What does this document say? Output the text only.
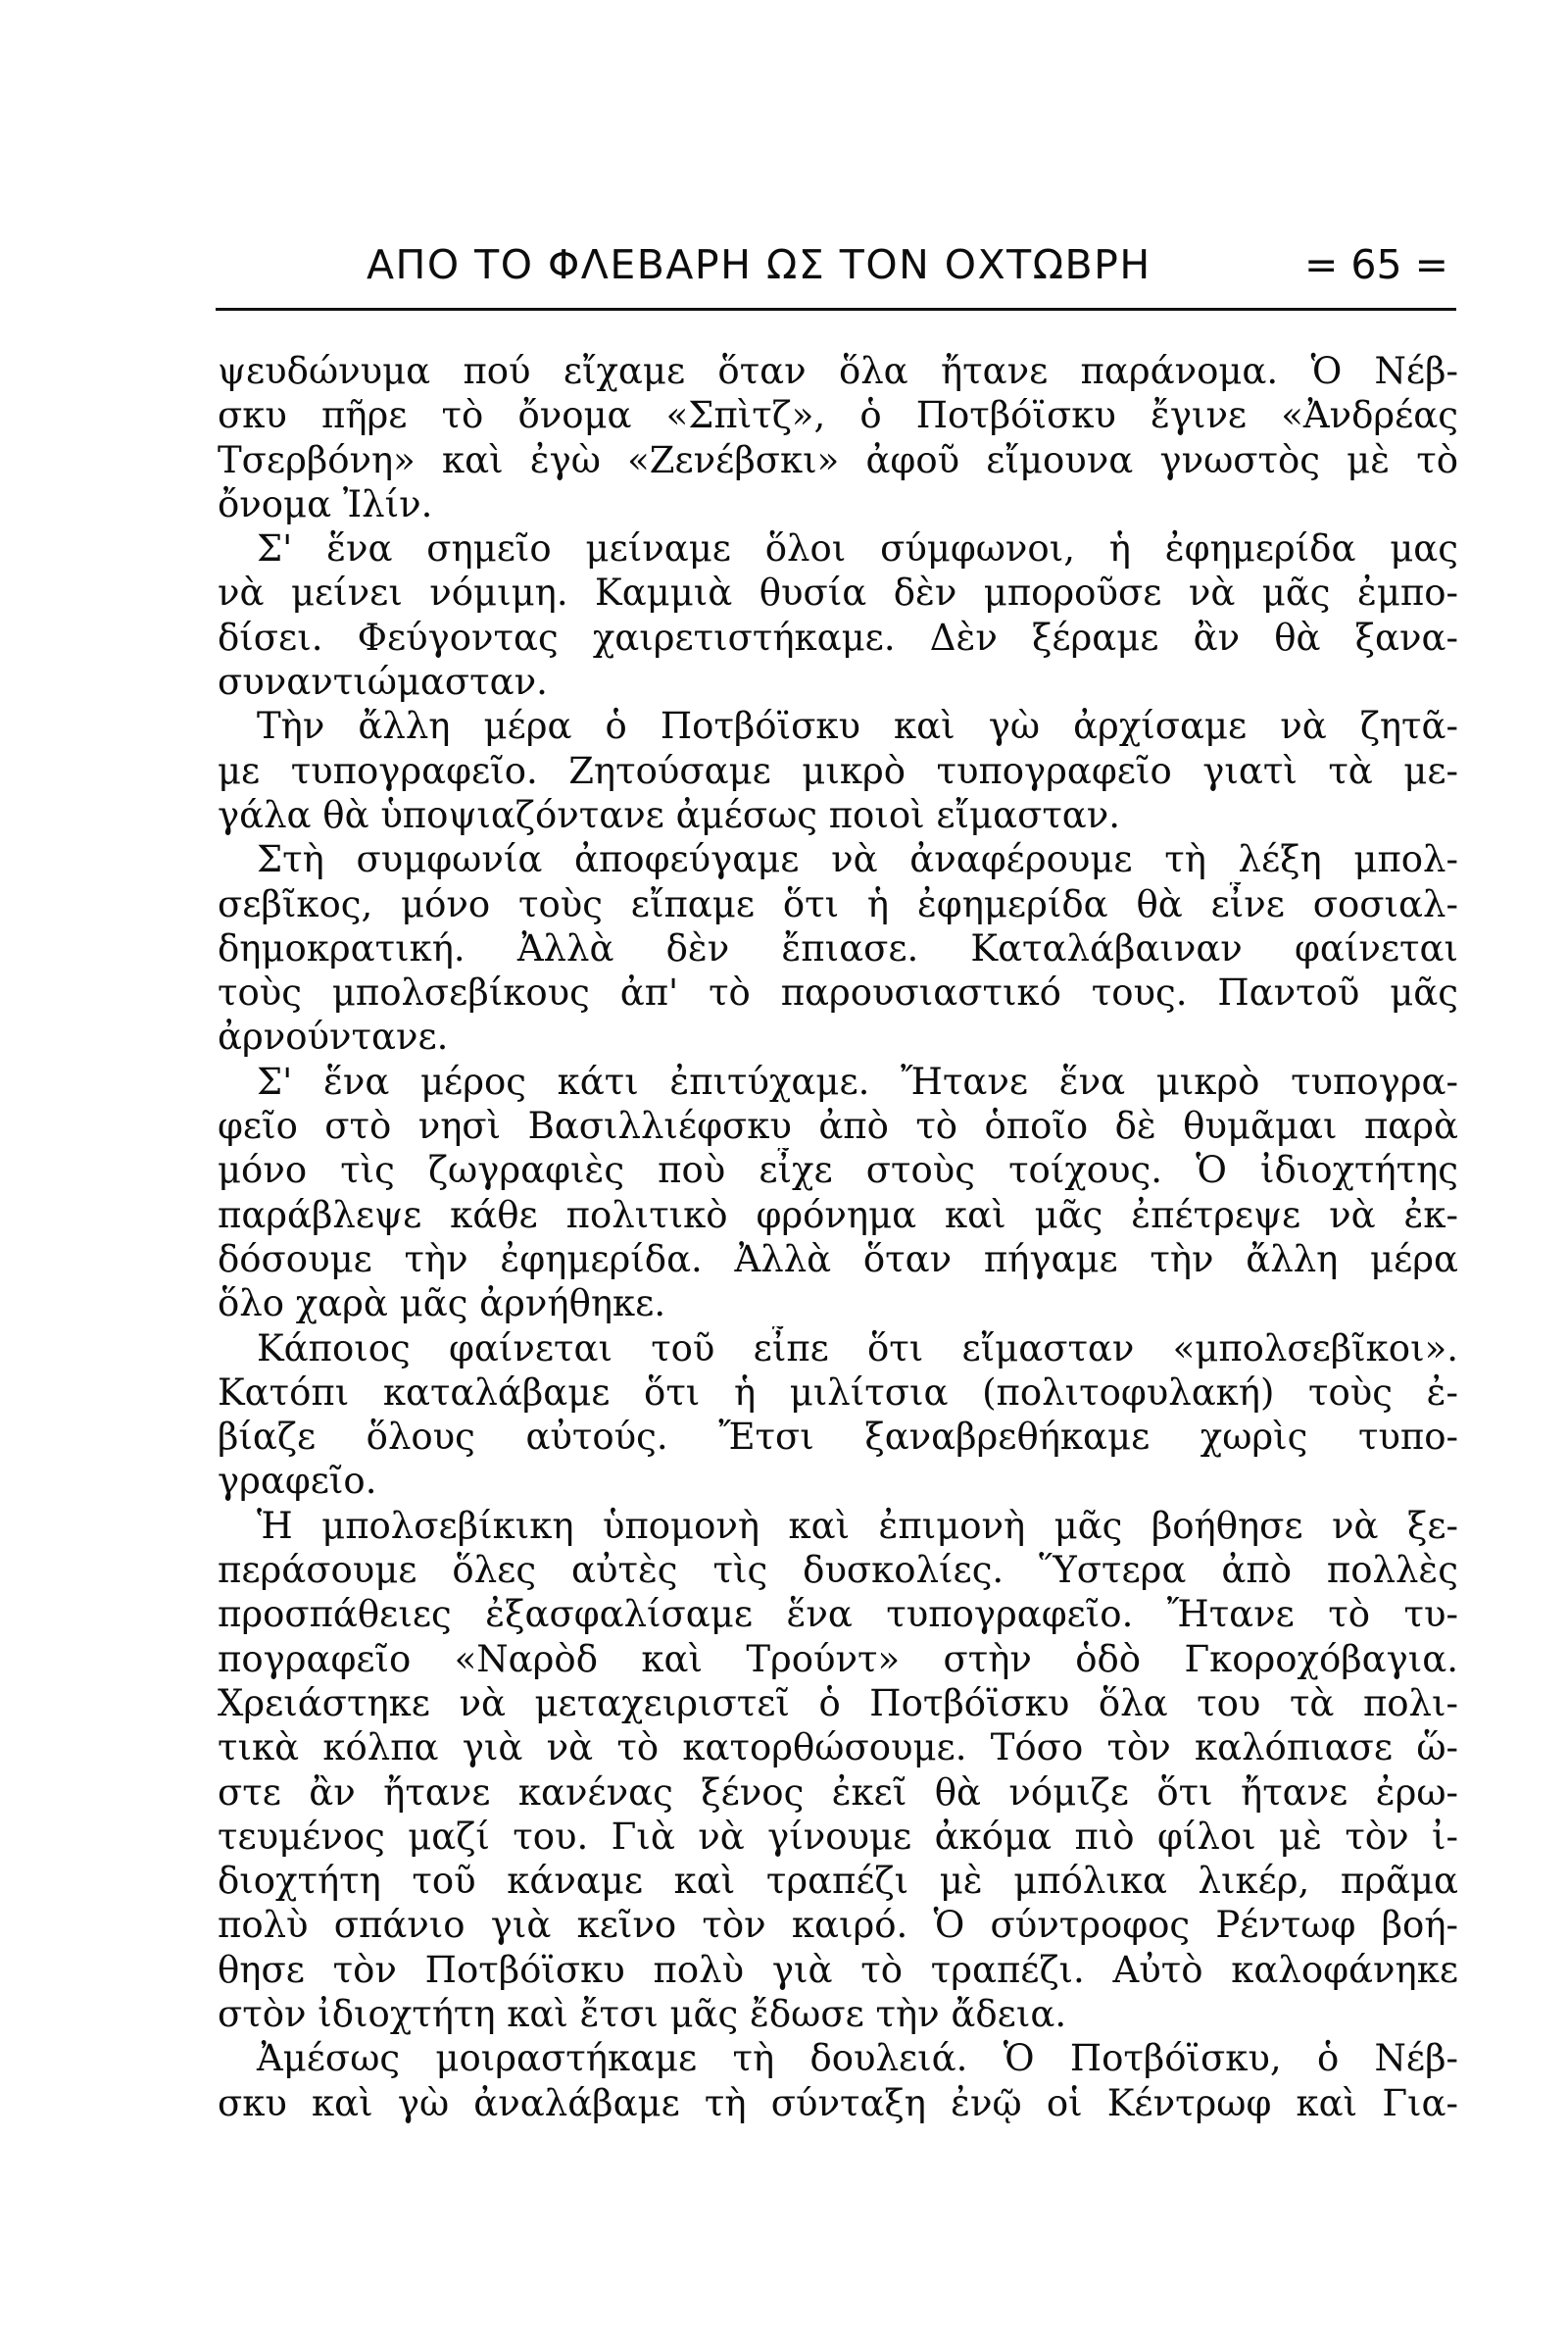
ΑΠΟ ΤΟ ΦΛΕΒΑΡΗ ΩΣ ΤΟΝ ΟΧΤΩΒΡΗ	= 65 =
ψευδώνυμα πού εἴχαμε ὅταν ὅλα ἤτανε παράνομα. Ὁ Νέβ-
σκυ πῆρε τὸ ὄνομα «Σπὶτζ», ὁ Ποτβόϊσκυ ἔγινε «Ἀνδρέας
Τσερβόνη» καὶ ἐγὼ «Ζενέβσκι» ἀφοῦ εἴμουνα γνωστὸς μὲ τὸ
ὄνομα Ἰλίν.
Σ' ἕνα σημεῖο μείναμε ὅλοι σύμφωνοι, ἡ ἐφημερίδα μας
νὰ μείνει νόμιμη. Καμμιὰ θυσία δὲν μποροῦσε νὰ μᾶς ἐμπο-
δίσει. Φεύγοντας χαιρετιστήκαμε. Δὲν ξέραμε ἂν θὰ ξανα-
συναντιώμασταν.
Τὴν ἄλλη μέρα ὁ Ποτβόϊσκυ καὶ γὼ ἀρχίσαμε νὰ ζητᾶ-
με τυπογραφεῖο. Ζητούσαμε μικρὸ τυπογραφεῖο γιατὶ τὰ με-
γάλα θὰ ὑποψιαζόντανε ἀμέσως ποιοὶ εἴμασταν.
Στὴ συμφωνία ἀποφεύγαμε νὰ ἀναφέρουμε τὴ λέξη μπολ-
σεβῖκος, μόνο τοὺς εἴπαμε ὅτι ἡ ἐφημερίδα θὰ εἶνε σοσιαλ-
δημοκρατική. Ἀλλὰ δὲν ἔπιασε. Καταλάβαιναν φαίνεται
τοὺς μπολσεβίκους ἀπ' τὸ παρουσιαστικό τους. Παντοῦ μᾶς
ἀρνούντανε.
Σ' ἕνα μέρος κάτι ἐπιτύχαμε. Ἤτανε ἕνα μικρὸ τυπογρα-
φεῖο στὸ νησὶ Βασιλλιέφσκυ ἀπὸ τὸ ὁποῖο δὲ θυμᾶμαι παρὰ
μόνο τὶς ζωγραφιὲς ποὺ εἶχε στοὺς τοίχους. Ὁ ἰδιοχτήτης
παράβλεψε κάθε πολιτικὸ φρόνημα καὶ μᾶς ἐπέτρεψε νὰ ἐκ-
δόσουμε τὴν ἐφημερίδα. Ἀλλὰ ὅταν πήγαμε τὴν ἄλλη μέρα
ὅλο χαρὰ μᾶς ἀρνήθηκε.
Κάποιος φαίνεται τοῦ εἶπε ὅτι εἴμασταν «μπολσεβῖκοι».
Κατόπι καταλάβαμε ὅτι ἡ μιλίτσια (πολιτοφυλακή) τοὺς ἐ-
βίαζε ὅλους αὐτούς. Ἔτσι ξαναβρεθήκαμε χωρὶς τυπο-
γραφεῖο.
Ἡ μπολσεβίκικη ὑπομονὴ καὶ ἐπιμονὴ μᾶς βοήθησε νὰ ξε-
περάσουμε ὅλες αὐτὲς τὶς δυσκολίες. Ὕστερα ἀπὸ πολλὲς
προσπάθειες ἐξασφαλίσαμε ἕνα τυπογραφεῖο. Ἤτανε τὸ τυ-
πογραφεῖο «Ναρὸδ καὶ Τρούντ» στὴν ὁδὸ Γκοροχόβαγια.
Χρειάστηκε νὰ μεταχειριστεῖ ὁ Ποτβόϊσκυ ὅλα του τὰ πολι-
τικὰ κόλπα γιὰ νὰ τὸ κατορθώσουμε. Τόσο τὸν καλόπιασε ὥ-
στε ἂν ἤτανε κανένας ξένος ἐκεῖ θὰ νόμιζε ὅτι ἤτανε ἐρω-
τευμένος μαζί του. Γιὰ νὰ γίνουμε ἀκόμα πιὸ φίλοι μὲ τὸν ἰ-
διοχτήτη τοῦ κάναμε καὶ τραπέζι μὲ μπόλικα λικέρ, πρᾶμα
πολὺ σπάνιο γιὰ κεῖνο τὸν καιρό. Ὁ σύντροφος Ρέντωφ βοή-
θησε τὸν Ποτβόϊσκυ πολὺ γιὰ τὸ τραπέζι. Αὐτὸ καλοφάνηκε
στὸν ἰδιοχτήτη καὶ ἔτσι μᾶς ἔδωσε τὴν ἄδεια.
Ἀμέσως μοιραστήκαμε τὴ δουλειά. Ὁ Ποτβόϊσκυ, ὁ Νέβ-
σκυ καὶ γὼ ἀναλάβαμε τὴ σύνταξη ἐνῷ οἱ Κέντρωφ καὶ Για-
